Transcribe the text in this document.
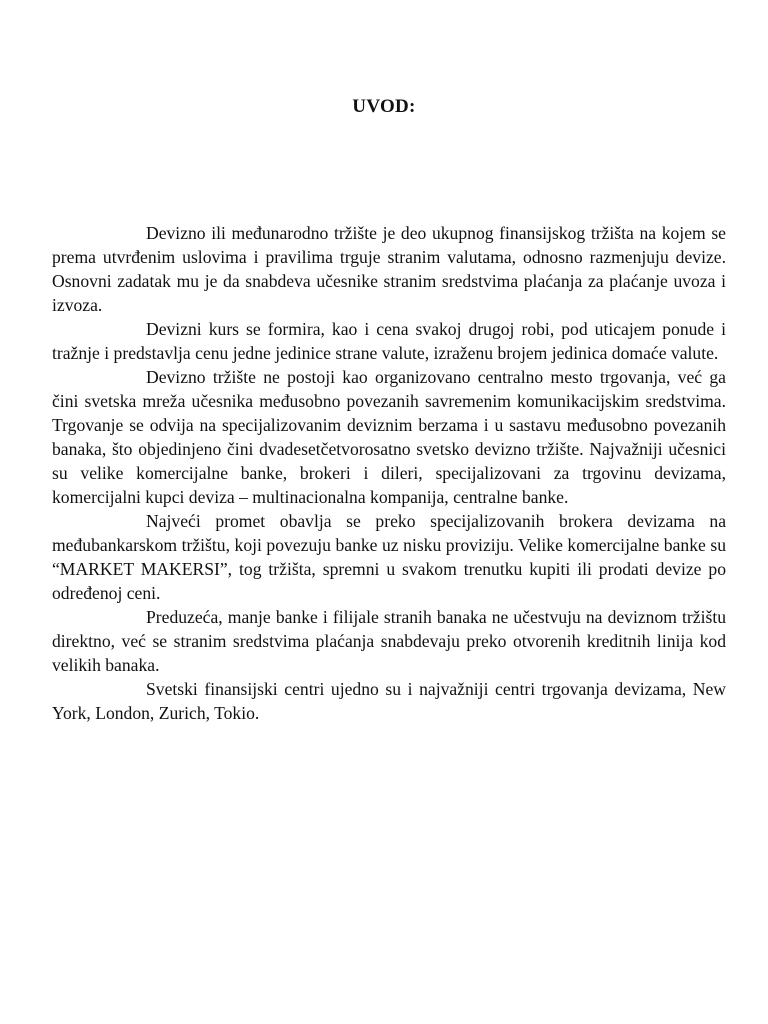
UVOD:

Devizno ili međunarodno tržište je deo ukupnog finansijskog tržišta na kojem se prema utvrđenim uslovima i pravilima trguje stranim valutama, odnosno razmenjuju devize. Osnovni zadatak mu je da snabdeva učesnike stranim sredstvima plaćanja za plaćanje uvoza i izvoza.

Devizni kurs se formira, kao i cena svakoj drugoj robi, pod uticajem ponude i tražnje i predstavlja cenu jedne jedinice strane valute, izraženu brojem jedinica domaće valute.

Devizno tržište ne postoji kao organizovano centralno mesto trgovanja, već ga čini svetska mreža učesnika međusobno povezanih savremenim komunikacijskim sredstvima. Trgovanje se odvija na specijalizovanim deviznim berzama i u sastavu međusobno povezanih banaka, što objedinjeno čini dvadesetčetvorosatno svetsko devizno tržište. Najvažniji učesnici su velike komercijalne banke, brokeri i dileri, specijalizovani za trgovinu devizama, komercijalni kupci deviza – multinacionalna kompanija, centralne banke.

Najveći promet obavlja se preko specijalizovanih brokera devizama na međubankarskom tržištu, koji povezuju banke uz nisku proviziju. Velike komercijalne banke su “MARKET MAKERSI”, tog tržišta, spremni u svakom trenutku kupiti ili prodati devize po određenoj ceni.

Preduzeća, manje banke i filijale stranih banaka ne učestvuju na deviznom tržištu direktno, već se stranim sredstvima plaćanja snabdevaju preko otvorenih kreditnih linija kod velikih banaka.

Svetski finansijski centri ujedno su i najvažniji centri trgovanja devizama, New York, London, Zurich, Tokio.
